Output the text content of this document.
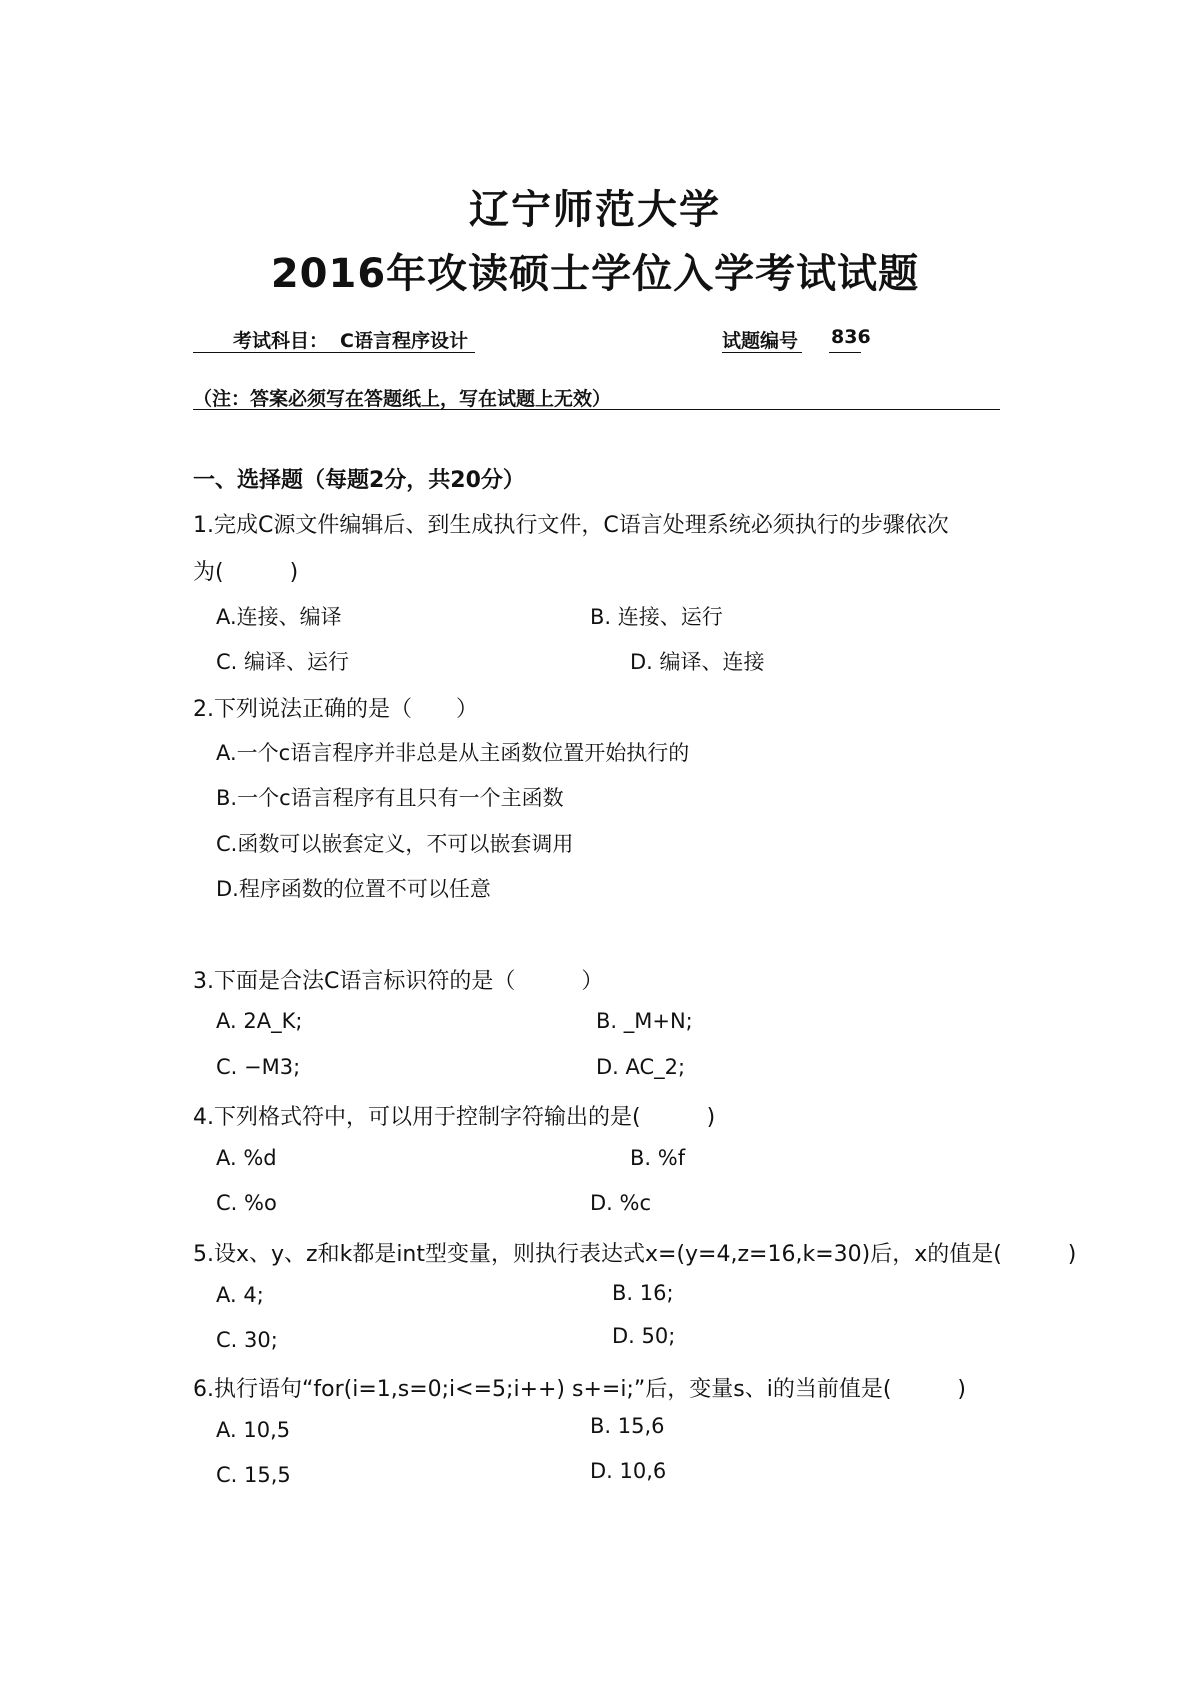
辽宁师范大学
2016年攻读硕士学位入学考试试题
考试科目： C语言程序设计	试题编号 836
（注：答案必须写在答题纸上，写在试题上无效）
一、选择题（每题2分，共20分）
1.完成C源文件编辑后、到生成执行文件，C语言处理系统必须执行的步骤依次
为(　　　)
A.连接、编译	B. 连接、运行
C. 编译、运行	D. 编译、连接
2.下列说法正确的是（　　）
A.一个c语言程序并非总是从主函数位置开始执行的
B.一个c语言程序有且只有一个主函数
C.函数可以嵌套定义，不可以嵌套调用
D.程序函数的位置不可以任意
3.下面是合法C语言标识符的是（　　　）
A. 2A_K;	B. _M+N;
C. −M3;	D. AC_2;
4.下列格式符中，可以用于控制字符输出的是(　　　)
A. %d	B. %f
C. %o	D. %c
5.设x、y、z和k都是int型变量，则执行表达式x=(y=4,z=16,k=30)后，x的值是(　　　)
A. 4;	B. 16;
C. 30;	D. 50;
6.执行语句“for(i=1,s=0;i<=5;i++) s+=i;”后，变量s、i的当前值是(　　　)
A. 10,5	B. 15,6
C. 15,5	D. 10,6
